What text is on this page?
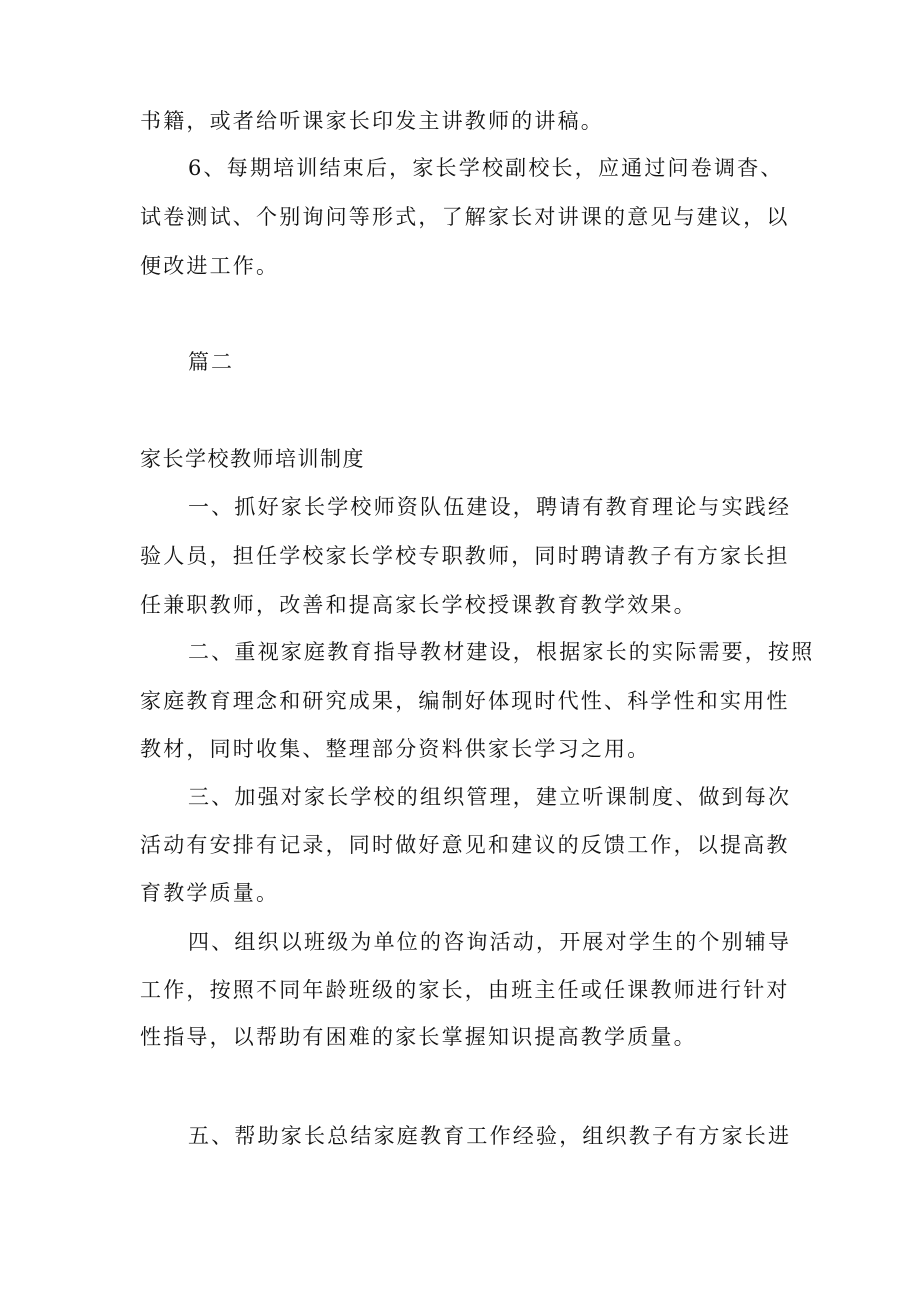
书籍，或者给听课家长印发主讲教师的讲稿。
6、每期培训结束后，家长学校副校长，应通过问卷调杳、
试卷测试、个别询问等形式，了解家长对讲课的意见与建议，以
便改进工作。
篇二
家长学校教师培训制度
一、抓好家长学校师资队伍建设，聘请有教育理论与实践经
验人员，担任学校家长学校专职教师，同时聘请教子有方家长担
任兼职教师，改善和提高家长学校授课教育教学效果。
二、重视家庭教育指导教材建设，根据家长的实际需要，按照
家庭教育理念和研究成果，编制好体现时代性、科学性和实用性
教材，同时收集、整理部分资料供家长学习之用。
三、加强对家长学校的组织管理，建立听课制度、做到每次
活动有安排有记录，同时做好意见和建议的反馈工作，以提高教
育教学质量。
四、组织以班级为单位的咨询活动，开展对学生的个别辅导
工作，按照不同年龄班级的家长，由班主任或任课教师进行针对
性指导，以帮助有困难的家长掌握知识提高教学质量。
五、帮助家长总结家庭教育工作经验，组织教子有方家长进
